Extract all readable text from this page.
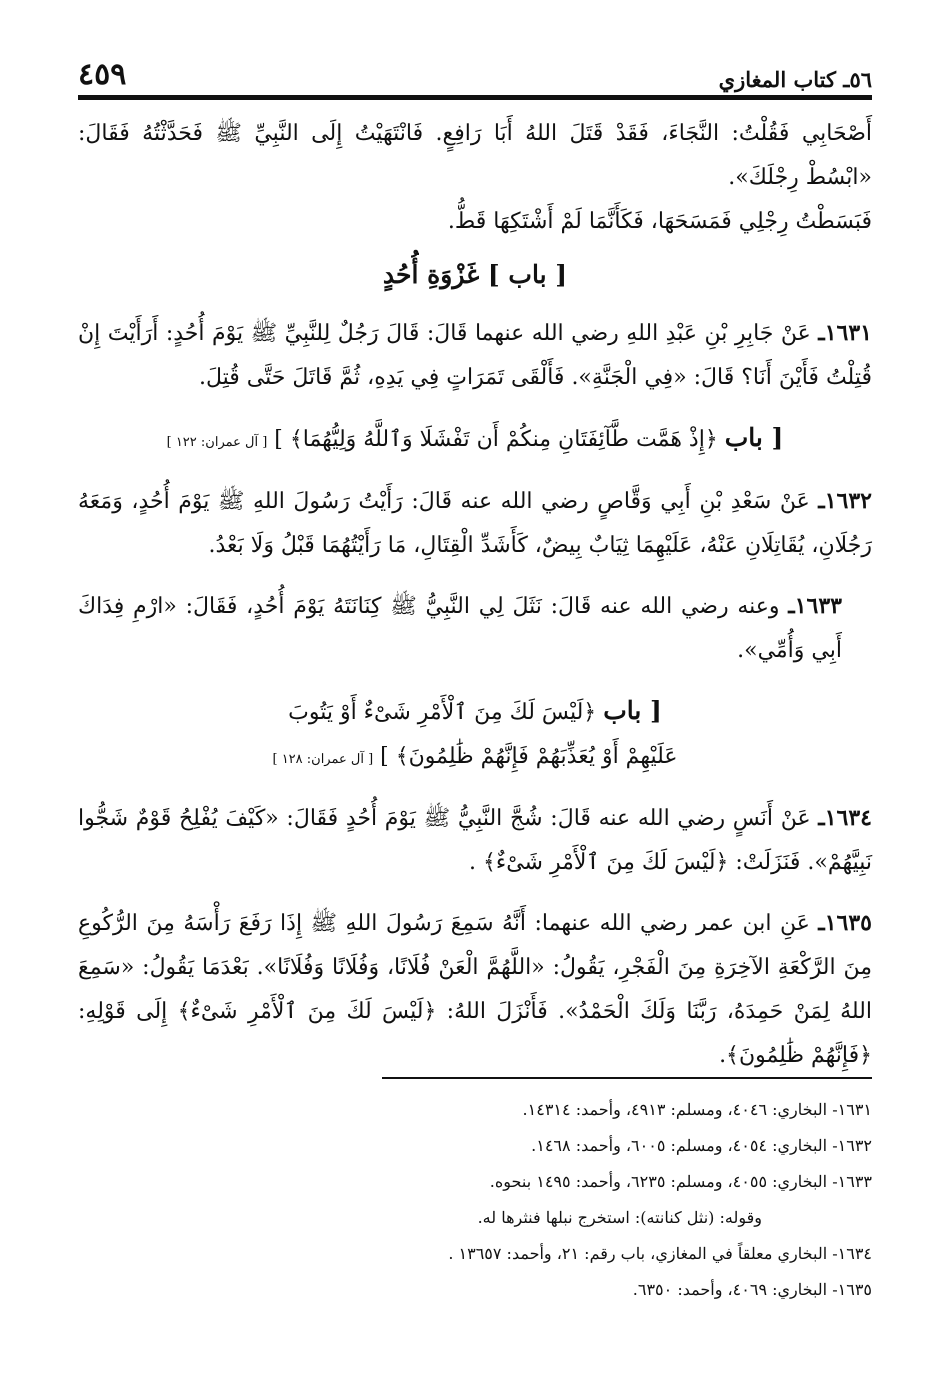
٤٥٩	٥٦ـ كتاب المغازي

أَصْحَابِي فَقُلْتُ: النَّجَاءَ، فَقَدْ قَتَلَ اللهُ أَبَا رَافِعٍ. فَانْتَهَيْتُ إِلَى النَّبِيِّ ﷺ فَحَدَّثْتُهُ فَقَالَ: «ابْسُطْ رِجْلَكَ».
فَبَسَطْتُ رِجْلِي فَمَسَحَهَا، فَكَأَنَّمَا لَمْ أَشْتَكِهَا قَطُّ.

[ باب ] غَزْوَةِ أُحُدٍ

١٦٣١ـ عَنْ جَابِرِ بْنِ عَبْدِ اللهِ رضي الله عنهما قَالَ: قَالَ رَجُلٌ لِلنَّبِيِّ ﷺ يَوْمَ أُحُدٍ: أَرَأَيْتَ إِنْ قُتِلْتُ فَأَيْنَ أَنَا؟ قَالَ: «فِي الْجَنَّةِ». فَأَلْقَى تَمَرَاتٍ فِي يَدِهِ، ثُمَّ قَاتَلَ حَتَّى قُتِلَ.

[ باب ﴿إِذْ هَمَّت طَّآئِفَتَانِ مِنكُمْ أَن تَفْشَلَا وَٱللَّهُ وَلِيُّهُمَا﴾ ] [ آل عمران: ١٢٢ ]

١٦٣٢ـ عَنْ سَعْدِ بْنِ أَبِي وَقَّاصٍ رضي الله عنه قَالَ: رَأَيْتُ رَسُولَ اللهِ ﷺ يَوْمَ أُحُدٍ، وَمَعَهُ رَجُلَانِ، يُقَاتِلَانِ عَنْهُ، عَلَيْهِمَا ثِيَابٌ بِيضٌ، كَأَشَدِّ الْقِتَالِ، مَا رَأَيْتُهُمَا قَبْلُ وَلَا بَعْدُ.

١٦٣٣ـ وعنه رضي الله عنه قَالَ: نَثَلَ لِي النَّبِيُّ ﷺ كِنَانَتَهُ يَوْمَ أُحُدٍ، فَقَالَ: «ارْمِ فِدَاكَ أَبِي وَأُمِّي».

[ باب ﴿لَيْسَ لَكَ مِنَ ٱلْأَمْرِ شَىْءٌ أَوْ يَتُوبَ
عَلَيْهِمْ أَوْ يُعَذِّبَهُمْ فَإِنَّهُمْ ظَٰلِمُونَ﴾ ] [ آل عمران: ١٢٨ ]

١٦٣٤ـ عَنْ أَنَسٍ رضي الله عنه قَالَ: شُجَّ النَّبِيُّ ﷺ يَوْمَ أُحُدٍ فَقَالَ: «كَيْفَ يُفْلِحُ قَوْمٌ شَجُّوا نَبِيَّهُمْ». فَنَزَلَتْ: ﴿لَيْسَ لَكَ مِنَ ٱلْأَمْرِ شَىْءٌ﴾ .

١٦٣٥ـ عَنِ ابن عمر رضي الله عنهما: أَنَّهُ سَمِعَ رَسُولَ اللهِ ﷺ إِذَا رَفَعَ رَأْسَهُ مِنَ الرُّكُوعِ مِنَ الرَّكْعَةِ الآخِرَةِ مِنَ الْفَجْرِ، يَقُولُ: «اللَّهُمَّ الْعَنْ فُلَانًا، وَفُلَانًا وَفُلَانًا». بَعْدَمَا يَقُولُ: «سَمِعَ اللهُ لِمَنْ حَمِدَهُ، رَبَّنَا وَلَكَ الْحَمْدُ». فَأَنْزَلَ اللهُ: ﴿لَيْسَ لَكَ مِنَ ٱلْأَمْرِ شَىْءٌ﴾ إِلَى قَوْلِهِ: ﴿فَإِنَّهُمْ ظَٰلِمُونَ﴾.

١٦٣١- البخاري: ٤٠٤٦، ومسلم: ٤٩١٣، وأحمد: ١٤٣١٤.
١٦٣٢- البخاري: ٤٠٥٤، ومسلم: ٦٠٠٥، وأحمد: ١٤٦٨.
١٦٣٣- البخاري: ٤٠٥٥، ومسلم: ٦٢٣٥، وأحمد: ١٤٩٥ بنحوه.
وقوله: (نثل كنانته): استخرج نبلها فنثرها له.
١٦٣٤- البخاري معلقاً في المغازي، باب رقم: ٢١، وأحمد: ١٣٦٥٧ .
١٦٣٥- البخاري: ٤٠٦٩، وأحمد: ٦٣٥٠.
